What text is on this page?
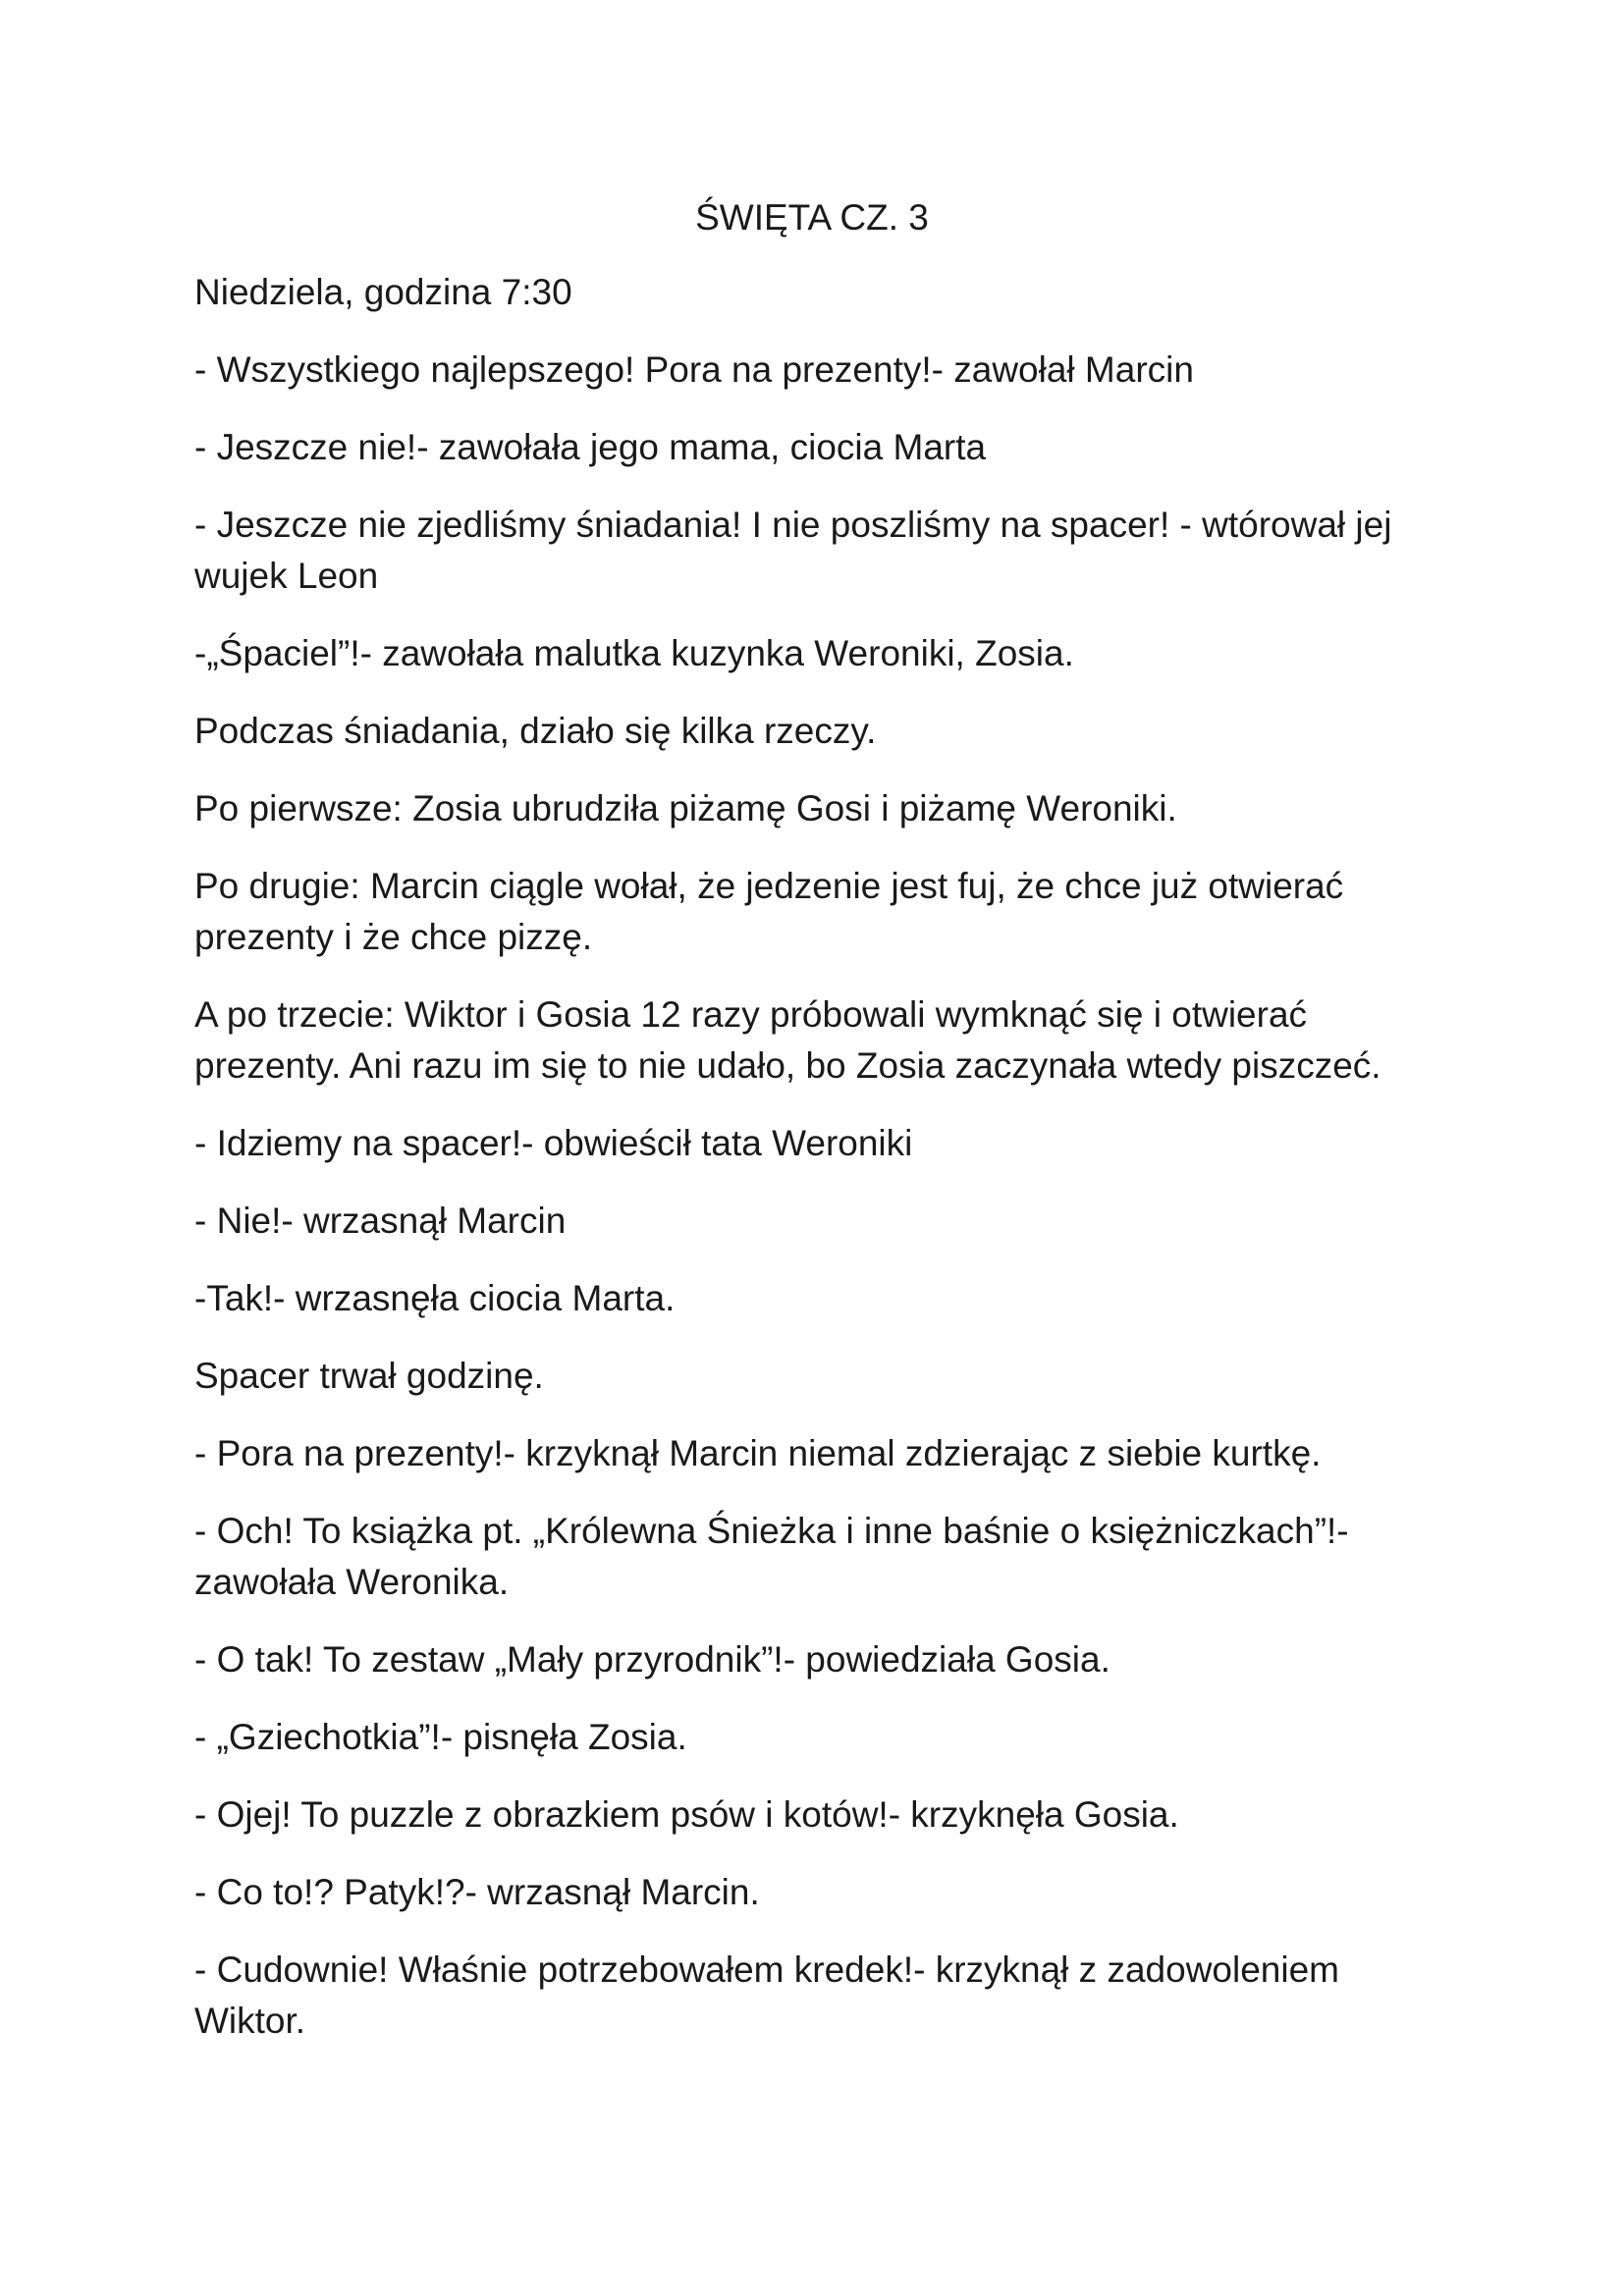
ŚWIĘTA CZ. 3

Niedziela, godzina 7:30

- Wszystkiego najlepszego! Pora na prezenty!- zawołał Marcin

- Jeszcze nie!- zawołała jego mama, ciocia Marta

- Jeszcze nie zjedliśmy śniadania! I nie poszliśmy na spacer! - wtórował jej wujek Leon

-„Śpaciel”!- zawołała malutka kuzynka Weroniki, Zosia.

Podczas śniadania, działo się kilka rzeczy.

Po pierwsze: Zosia ubrudziła piżamę Gosi i piżamę Weroniki.

Po drugie: Marcin ciągle wołał, że jedzenie jest fuj, że chce już otwierać prezenty i że chce pizzę.

A po trzecie: Wiktor i Gosia 12 razy próbowali wymknąć się i otwierać prezenty. Ani razu im się to nie udało, bo Zosia zaczynała wtedy piszczeć.

- Idziemy na spacer!- obwieścił tata Weroniki

- Nie!- wrzasnął Marcin

-Tak!- wrzasnęła ciocia Marta.

Spacer trwał godzinę.

- Pora na prezenty!- krzyknął Marcin niemal zdzierając z siebie kurtkę.

- Och! To książka pt. „Królewna Śnieżka i inne baśnie o księżniczkach”!- zawołała Weronika.

- O tak! To zestaw „Mały przyrodnik”!- powiedziała Gosia.

- „Gziechotkia”!- pisnęła Zosia.

- Ojej! To puzzle z obrazkiem psów i kotów!- krzyknęła Gosia.

- Co to!? Patyk!?- wrzasnął Marcin.

- Cudownie! Właśnie potrzebowałem kredek!- krzyknął z zadowoleniem Wiktor.
